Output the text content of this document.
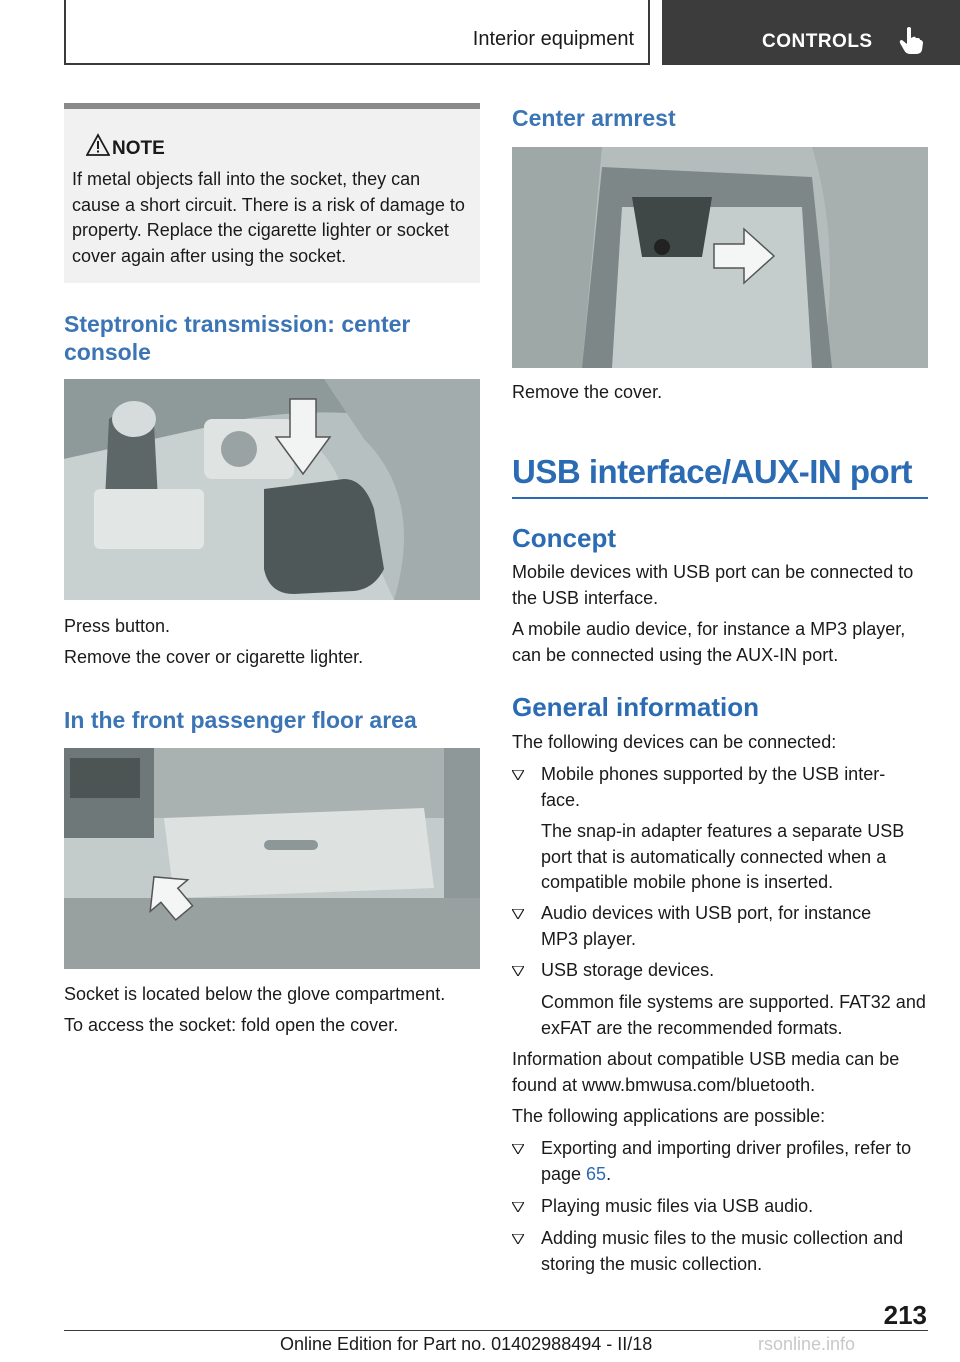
Interior equipment	CONTROLS
NOTE
If metal objects fall into the socket, they can cause a short circuit. There is a risk of damage to property. Replace the cigarette lighter or socket cover again after using the socket.
Steptronic transmission: center console
Press button.
Remove the cover or cigarette lighter.
In the front passenger floor area
Socket is located below the glove compartment.
To access the socket: fold open the cover.
Center armrest
Remove the cover.
USB interface/AUX-IN port
Concept
Mobile devices with USB port can be connected to the USB interface.
A mobile audio device, for instance a MP3 player, can be connected using the AUX-IN port.
General information
The following devices can be connected:
Mobile phones supported by the USB inter-face.
The snap-in adapter features a separate USB port that is automatically connected when a compatible mobile phone is inserted.
Audio devices with USB port, for instance MP3 player.
USB storage devices.
Common file systems are supported. FAT32 and exFAT are the recommended formats.
Information about compatible USB media can be found at www.bmwusa.com/bluetooth.
The following applications are possible:
Exporting and importing driver profiles, refer to page 65.
Playing music files via USB audio.
Adding music files to the music collection and storing the music collection.
213
Online Edition for Part no. 01402988494 - II/18	rsonline.info
